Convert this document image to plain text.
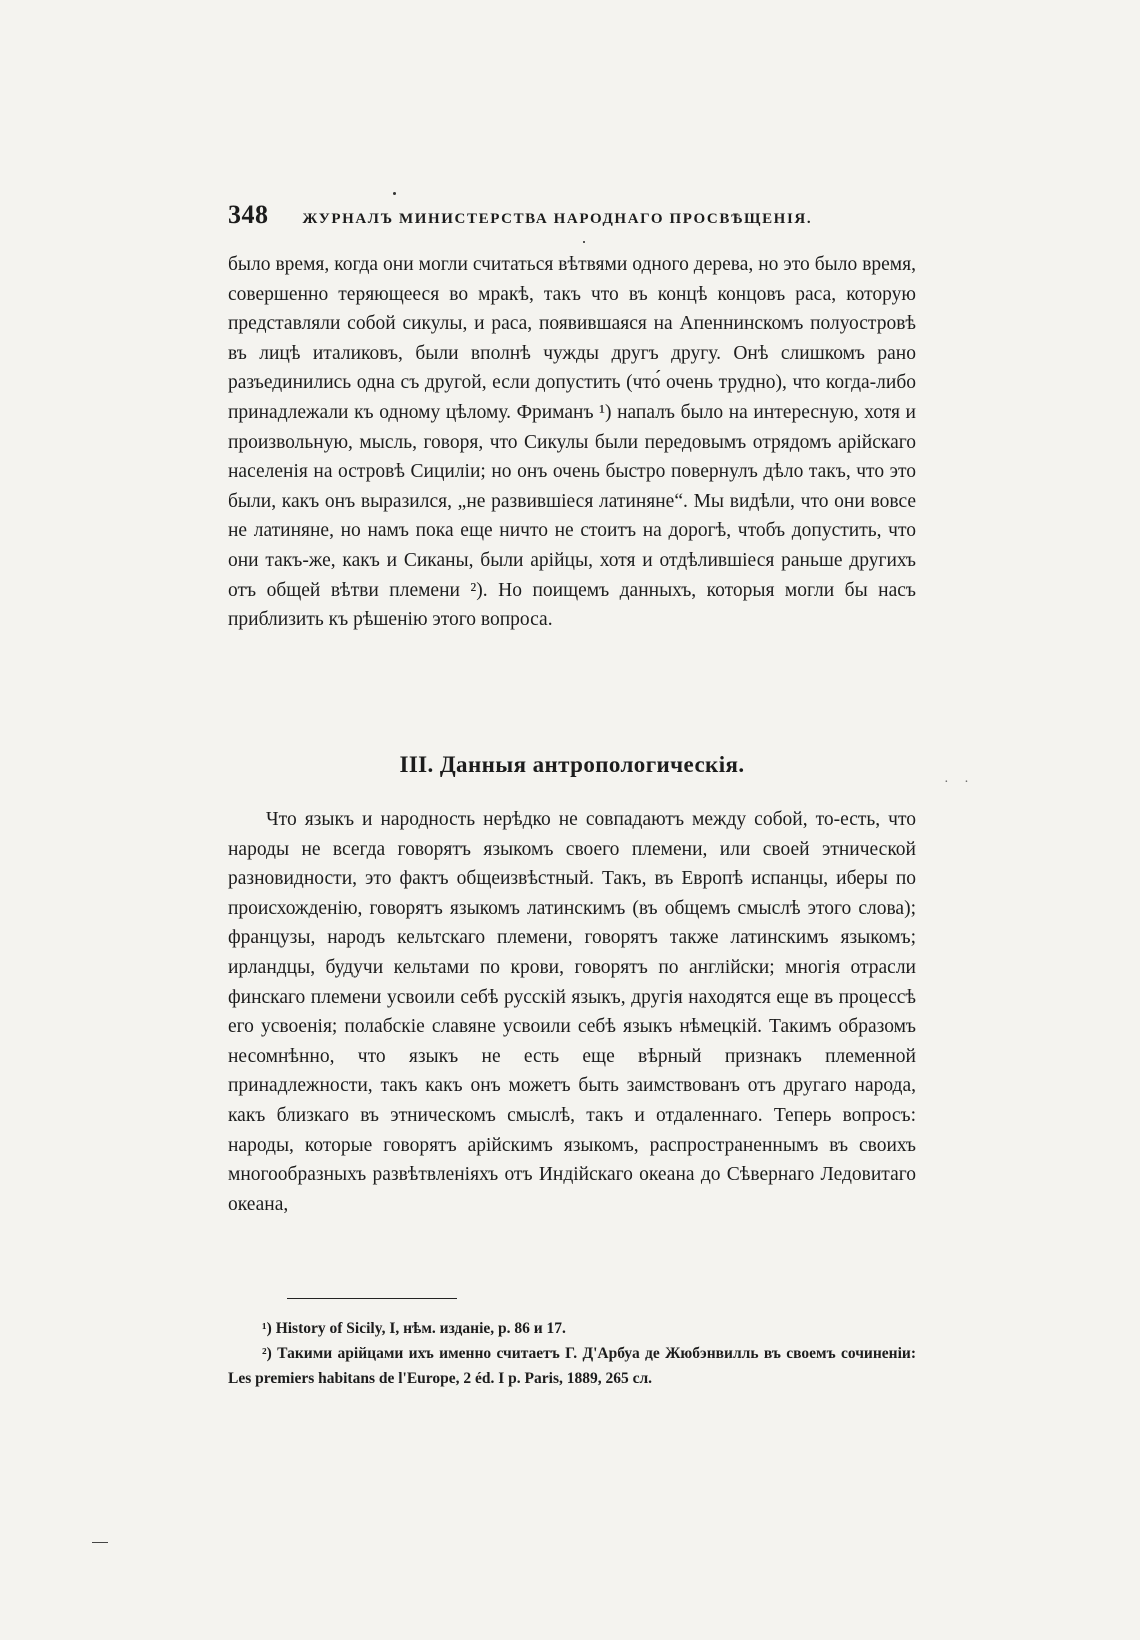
348 ЖУРНАЛЪ МИНИСТЕРСТВА НАРОДНАГО ПРОСВѢЩЕНІЯ.

было время, когда они могли считаться вѣтвями одного дерева, но это было время, совершенно теряющееся во мракѣ, такъ что въ концѣ концовъ раса, которую представляли собой сикулы, и раса, появившаяся на Апеннинскомъ полуостровѣ въ лицѣ италиковъ, были вполнѣ чужды другъ другу. Онѣ слишкомъ рано разъединились одна съ другой, если допустить (что́ очень трудно), что когда-либо принадлежали къ одному цѣлому. Фриманъ ¹) напалъ было на интересную, хотя и произвольную, мысль, говоря, что Сикулы были передовымъ отрядомъ арійскаго населенія на островѣ Сициліи; но онъ очень быстро повернулъ дѣло такъ, что это были, какъ онъ выразился, „не развившіеся латиняне“. Мы видѣли, что они вовсе не латиняне, но намъ пока еще ничто не стоитъ на дорогѣ, чтобъ допустить, что они такъ-же, какъ и Сиканы, были арійцы, хотя и отдѣлившіеся раньше другихъ отъ общей вѣтви племени ²). Но поищемъ данныхъ, которыя могли бы насъ приблизить къ рѣшенію этого вопроса.

III. Данныя антропологическія.
· ·

Что языкъ и народность нерѣдко не совпадаютъ между собой, то-есть, что народы не всегда говорятъ языкомъ своего племени, или своей этнической разновидности, это фактъ общеизвѣстный. Такъ, въ Европѣ испанцы, иберы по происхожденію, говорятъ языкомъ латинскимъ (въ общемъ смыслѣ этого слова); французы, народъ кельтскаго племени, говорятъ также латинскимъ языкомъ; ирландцы, будучи кельтами по крови, говорятъ по англійски; многія отрасли финскаго племени усвоили себѣ русскій языкъ, другія находятся еще въ процессѣ его усвоенія; полабскіе славяне усвоили себѣ языкъ нѣмецкій. Такимъ образомъ несомнѣнно, что языкъ не есть еще вѣрный признакъ племенной принадлежности, такъ какъ онъ можетъ быть заимствованъ отъ другаго народа, какъ близкаго въ этническомъ смыслѣ, такъ и отдаленнаго. Теперь вопросъ: народы, которые говорятъ арійскимъ языкомъ, распространеннымъ въ своихъ многообразныхъ развѣтвленіяхъ отъ Индійскаго океана до Сѣвернаго Ледовитаго океана,

¹) History of Sicily, I, нѣм. изданіе, p. 86 и 17.

²) Такими арійцами ихъ именно считаетъ Г. Д'Арбуа де Жюбэнвилль въ своемъ сочиненіи: Les premiers habitans de l'Europe, 2 éd. I p. Paris, 1889, 265 сл.
